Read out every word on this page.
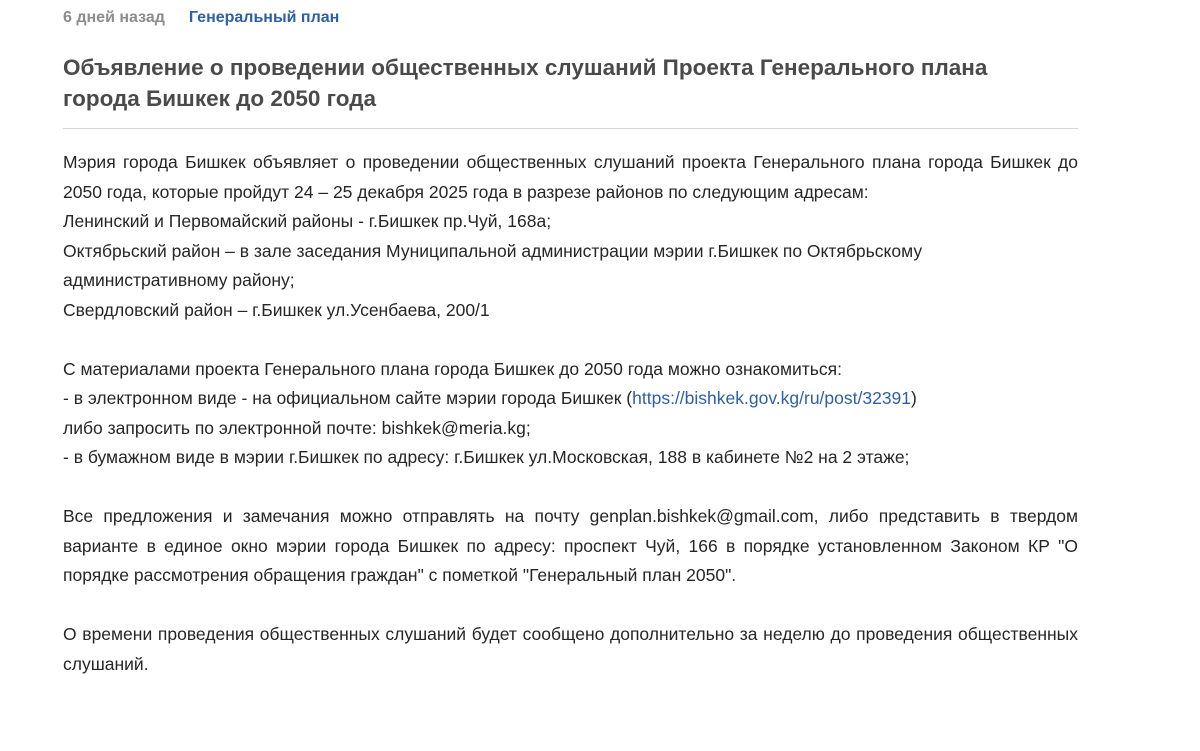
6 дней назад Генеральный план
Объявление о проведении общественных слушаний Проекта Генерального плана города Бишкек до 2050 года

Мэрия города Бишкек объявляет о проведении общественных слушаний проекта Генерального плана города Бишкек до 2050 года, которые пройдут 24 – 25 декабря 2025 года в разрезе районов по следующим адресам:

Ленинский и Первомайский районы - г.Бишкек пр.Чуй, 168а;

Октябрьский район – в зале заседания Муниципальной администрации мэрии г.Бишкек по Октябрьскому административному району;

Свердловский район – г.Бишкек ул.Усенбаева, 200/1

С материалами проекта Генерального плана города Бишкек до 2050 года можно ознакомиться:

- в электронном виде - на официальном сайте мэрии города Бишкек (https://bishkek.gov.kg/ru/post/32391)

либо запросить по электронной почте: bishkek@meria.kg;

- в бумажном виде в мэрии г.Бишкек по адресу: г.Бишкек ул.Московская, 188 в кабинете №2 на 2 этаже;

Все предложения и замечания можно отправлять на почту genplan.bishkek@gmail.com, либо представить в твердом варианте в единое окно мэрии города Бишкек по адресу: проспект Чуй, 166 в порядке установленном Законом КР "О порядке рассмотрения обращения граждан" с пометкой "Генеральный план 2050".

О времени проведения общественных слушаний будет сообщено дополнительно за неделю до проведения общественных слушаний.
